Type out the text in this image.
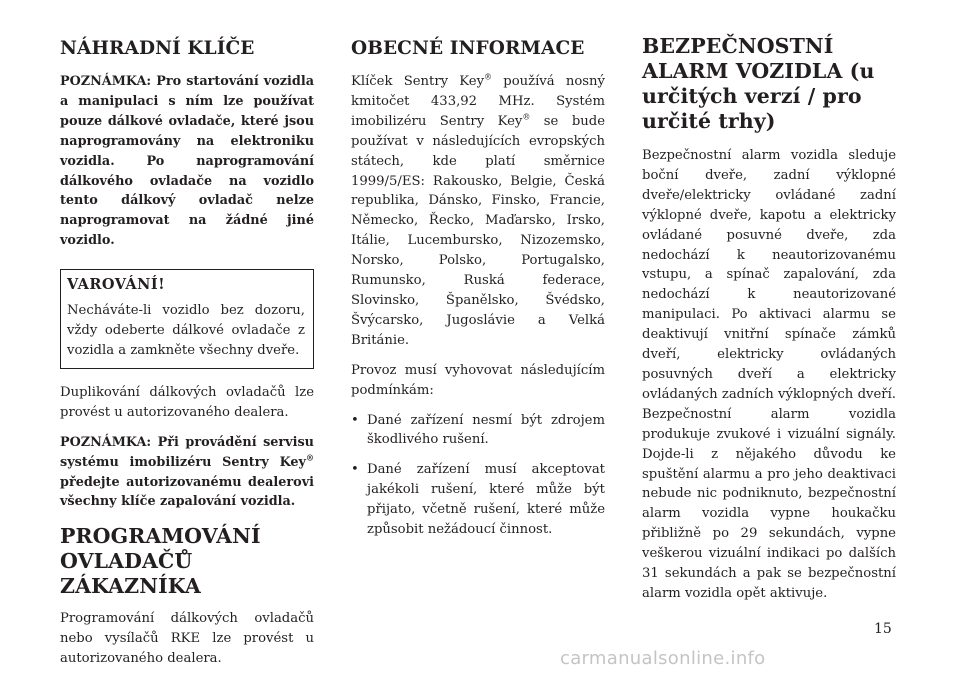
NÁHRADNÍ KLÍČE

POZNÁMKA: Pro startování vozidla a manipulaci s ním lze používat pouze dálkové ovladače, které jsou naprogramovány na elektroniku vozidla. Po naprogramování dálkového ovladače na vozidlo tento dálkový ovladač nelze naprogramovat na žádné jiné vozidlo.

VAROVÁNÍ!

Necháváte-li vozidlo bez dozoru, vždy odeberte dálkové ovladače z vozidla a zamkněte všechny dveře.

Duplikování dálkových ovladačů lze provést u autorizovaného dealera.

POZNÁMKA: Při provádění servisu systému imobilizéru Sentry Key® předejte autorizovanému dealerovi všechny klíče zapalování vozidla.

PROGRAMOVÁNÍ OVLADAČŮ ZÁKAZNÍKA

Programování dálkových ovladačů nebo vysílačů RKE lze provést u autorizovaného dealera.

OBECNÉ INFORMACE

Klíček Sentry Key® používá nosný kmitočet 433,92 MHz. Systém imobilizéru Sentry Key® se bude používat v následujících evropských státech, kde platí směrnice 1999/5/ES: Rakousko, Belgie, Česká republika, Dánsko, Finsko, Francie, Německo, Řecko, Maďarsko, Irsko, Itálie, Lucembursko, Nizozemsko, Norsko, Polsko, Portugalsko, Rumunsko, Ruská federace, Slovinsko, Španělsko, Švédsko, Švýcarsko, Jugoslávie a Velká Británie.

Provoz musí vyhovovat následujícím podmínkám:

• Dané zařízení nesmí být zdrojem škodlivého rušení.
• Dané zařízení musí akceptovat jakékoli rušení, které může být přijato, včetně rušení, které může způsobit nežádoucí činnost.
BEZPEČNOSTNÍ ALARM VOZIDLA (u určitých verzí / pro určité trhy)

Bezpečnostní alarm vozidla sleduje boční dveře, zadní výklopné dveře/elektricky ovládané zadní výklopné dveře, kapotu a elektricky ovládané posuvné dveře, zda nedochází k neautorizovanému vstupu, a spínač zapalování, zda nedochází k neautorizované manipulaci. Po aktivaci alarmu se deaktivují vnitřní spínače zámků dveří, elektricky ovládaných posuvných dveří a elektricky ovládaných zadních výklopných dveří. Bezpečnostní alarm vozidla produkuje zvukové i vizuální signály. Dojde-li z nějakého důvodu ke spuštění alarmu a pro jeho deaktivaci nebude nic podniknuto, bezpečnostní alarm vozidla vypne houkačku přibližně po 29 sekundách, vypne veškerou vizuální indikaci po dalších 31 sekundách a pak se bezpečnostní alarm vozidla opět aktivuje.

15
carmanualsonline.info
